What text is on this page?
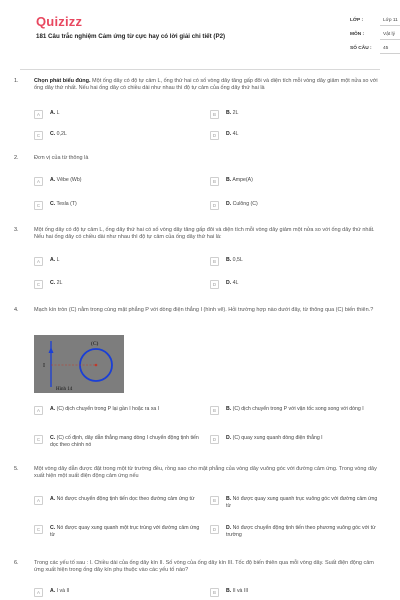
Quizizz
181 Câu trắc nghiệm Cảm ứng từ cực hay có lời giải chi tiết (P2)
LỚP :	Lớp 11
MÔN :	Vật lý
SỐ CÂU : 45
1.	Chọn phát biểu đúng. Một ống dây có độ tự cảm L, ống thứ hai có số vòng dây tăng gấp đôi và diện tích mỗi vòng dây giảm một nửa so với ống dây thứ nhất. Nếu hai ống dây có chiều dài như nhau thì độ tự cảm của ống dây thứ hai là
A	A. L	B	B. 2L
C	C. 0,2L	D	D. 4L
2.	Đơn vị của từ thông là
A	A. Vêbe (Wb)	B	B. Ampe(A)
C	C. Tesla (T)	D	D. Culông (C)
3.	Một ống dây có độ tự cảm L, ống dây thứ hai có số vòng dây tăng gấp đôi và diện tích mỗi vòng dây giảm một nửa so với ống dây thứ nhất. Nếu hai ống dây có chiều dài như nhau thì độ tự cảm của ống dây thứ hai là:
A	A. L	B	B. 0,5L
C	C. 2L	D	D. 4L
4.	Mạch kín tròn (C) nằm trong cùng mặt phẳng P với dòng điện thẳng I (hình vẽ). Hỏi trường hợp nào dưới đây, từ thông qua (C) biến thiên.?
(C)
I
Hình 14
A	A. (C) dịch chuyển trong P lại gần I hoặc ra xa I	B	B. (C) dịch chuyển trong P với vận tốc song song với dòng I
C	C. (C) cố định, dây dẫn thẳng mang dòng I chuyển động tịnh tiến dọc theo chính nó
D	D. (C) quay xung quanh dòng điện thẳng I
5.	Một vòng dây dẫn được đặt trong một từ trường đều, rồng sao cho mặt phẳng của vòng dây vuông góc với đường cảm ứng. Trong vòng dây xuất hiện một suất điện động cảm ứng nếu
A	A. Nó được chuyển động tịnh tiến dọc theo đường cảm ứng từ	B	B. Nó được quay xung quanh trục vuông góc với đường cảm ứng từ
C	C. Nó được quay xung quanh một trục trùng với đường cảm ứng từ
D	D. Nó được chuyển động tịnh tiến theo phương vuông góc với từ trường
6.	Trong các yếu tố sau : I. Chiều dài của ống dây kín II. Số vòng của ống dây kín III. Tốc độ biến thiên qua mỗi vòng dây. Suất điện động cảm ứng xuất hiện trong ống dây kín phụ thuộc vào các yếu tố nào?
A	A. I và II	B	B. II và III
